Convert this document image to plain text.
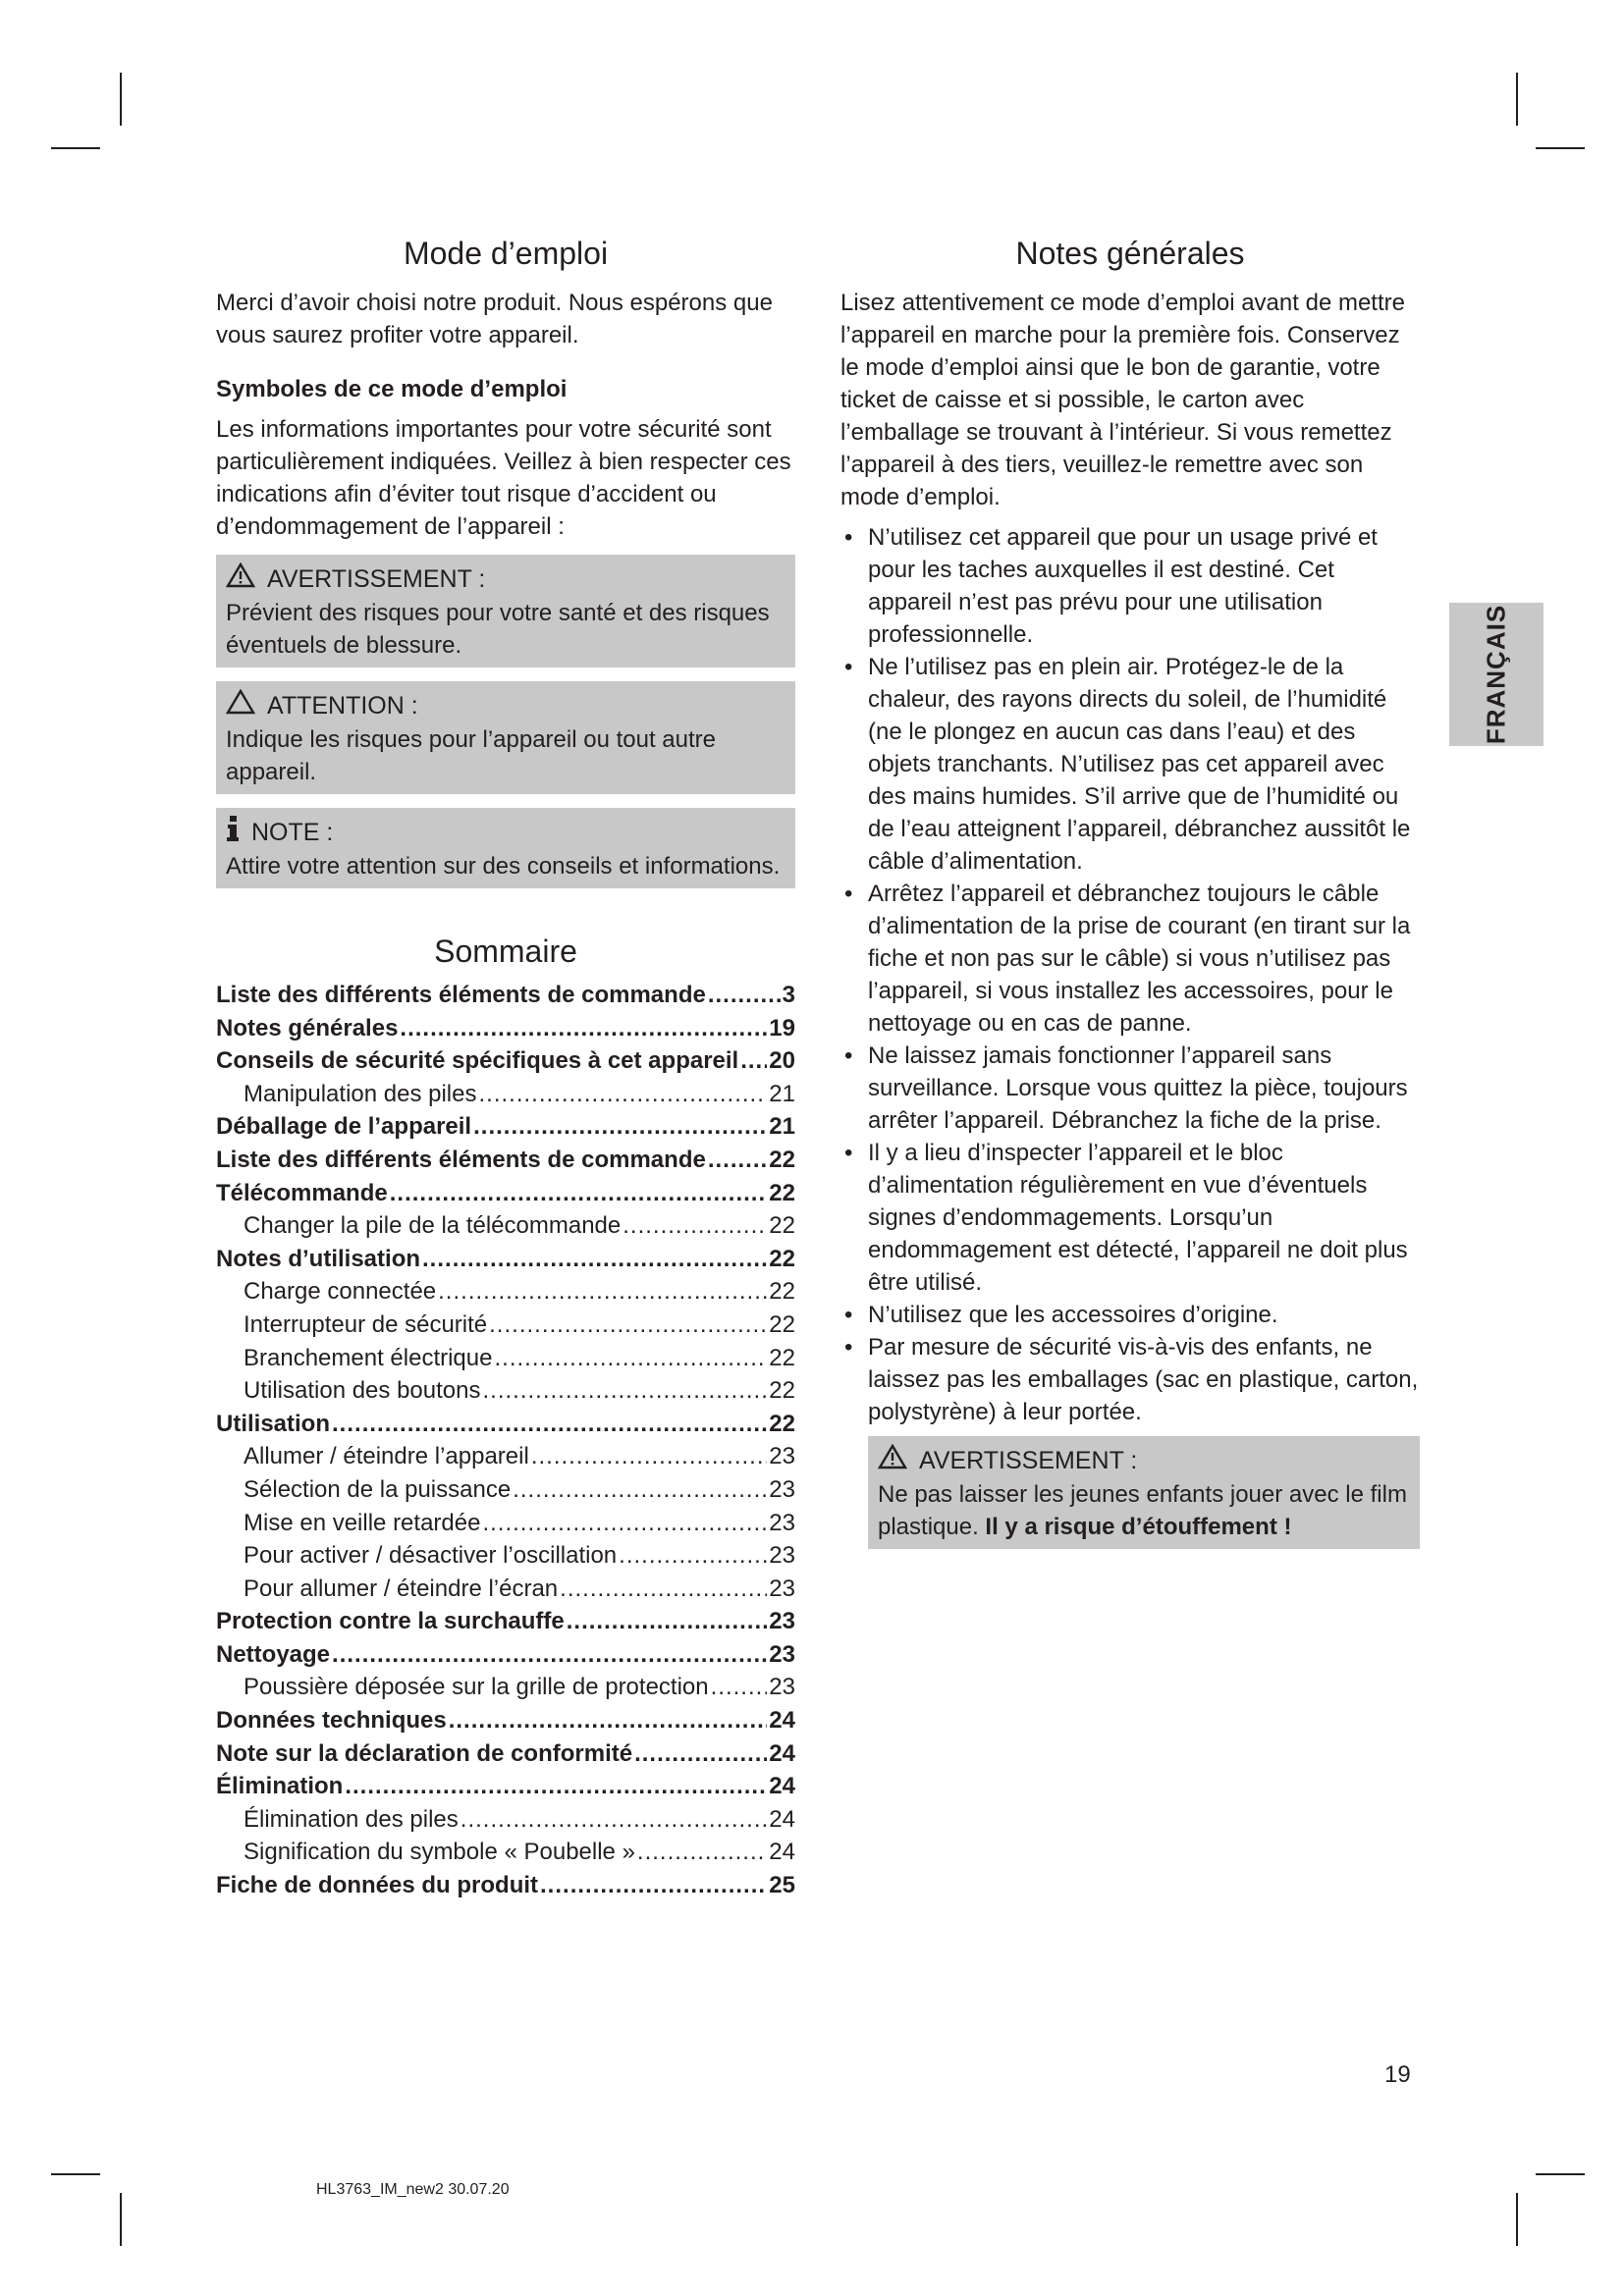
Mode d’emploi

Merci d’avoir choisi notre produit. Nous espérons que vous saurez profiter votre appareil.

Symboles de ce mode d’emploi

Les informations importantes pour votre sécurité sont particulièrement indiquées. Veillez à bien respecter ces indications afin d’éviter tout risque d’accident ou d’endommagement de l’appareil :

AVERTISSEMENT :
Prévient des risques pour votre santé et des risques éventuels de blessure.
ATTENTION :
Indique les risques pour l’appareil ou tout autre appareil.
NOTE :
Attire votre attention sur des conseils et informations.
Sommaire
Liste des différents éléments de commande .....	3
Notes générales .....	19
Conseils de sécurité spécifiques à cet appareil ..... 20
Manipulation des piles .....	21
Déballage de l’appareil .....	21
Liste des différents éléments de commande .....	22
Télécommande .....	22
Changer la pile de la télécommande .....	22
Notes d’utilisation .....	22
Charge connectée .....	22
Interrupteur de sécurité .....	22
Branchement électrique .....	22
Utilisation des boutons .....	22
Utilisation .....	22
Allumer / éteindre l’appareil .....	23
Sélection de la puissance .....	23
Mise en veille retardée .....	23
Pour activer / désactiver l’oscillation .....	23
Pour allumer / éteindre l’écran .....	23
Protection contre la surchauffe .....	23
Nettoyage .....	23
Poussière déposée sur la grille de protection .....	23
Données techniques .....	24
Note sur la déclaration de conformité .....	24
Élimination .....	24
Élimination des piles .....	24
Signification du symbole « Poubelle » .....	24
Fiche de données du produit .....	25
Notes générales

Lisez attentivement ce mode d’emploi avant de mettre l’appareil en marche pour la première fois. Conservez le mode d’emploi ainsi que le bon de garantie, votre ticket de caisse et si possible, le carton avec l’emballage se trouvant à l’intérieur. Si vous remettez l’appareil à des tiers, veuillez-le remettre avec son mode d’emploi.

• N’utilisez cet appareil que pour un usage privé et pour les taches auxquelles il est destiné. Cet appareil n’est pas prévu pour une utilisation professionnelle.
• Ne l’utilisez pas en plein air. Protégez-le de la chaleur, des rayons directs du soleil, de l’humidité (ne le plongez en aucun cas dans l’eau) et des objets tranchants. N’utilisez pas cet appareil avec des mains humides. S’il arrive que de l’humidité ou de l’eau atteignent l’appareil, débranchez aussitôt le câble d’alimentation.
• Arrêtez l’appareil et débranchez toujours le câble d’alimentation de la prise de courant (en tirant sur la fiche et non pas sur le câble) si vous n’utilisez pas l’appareil, si vous installez les accessoires, pour le nettoyage ou en cas de panne.
• Ne laissez jamais fonctionner l’appareil sans surveillance. Lorsque vous quittez la pièce, toujours arrêter l’appareil. Débranchez la fiche de la prise.
• Il y a lieu d’inspecter l’appareil et le bloc d’alimentation régulièrement en vue d’éventuels signes d’endommagements. Lorsqu’un endommagement est détecté, l’appareil ne doit plus être utilisé.
• N’utilisez que les accessoires d’origine.
• Par mesure de sécurité vis-à-vis des enfants, ne laissez pas les emballages (sac en plastique, carton, polystyrène) à leur portée.
AVERTISSEMENT :
Ne pas laisser les jeunes enfants jouer avec le film plastique. Il y a risque d’étouffement !
FRANÇAIS
19
HL3763_IM_new2 30.07.20
